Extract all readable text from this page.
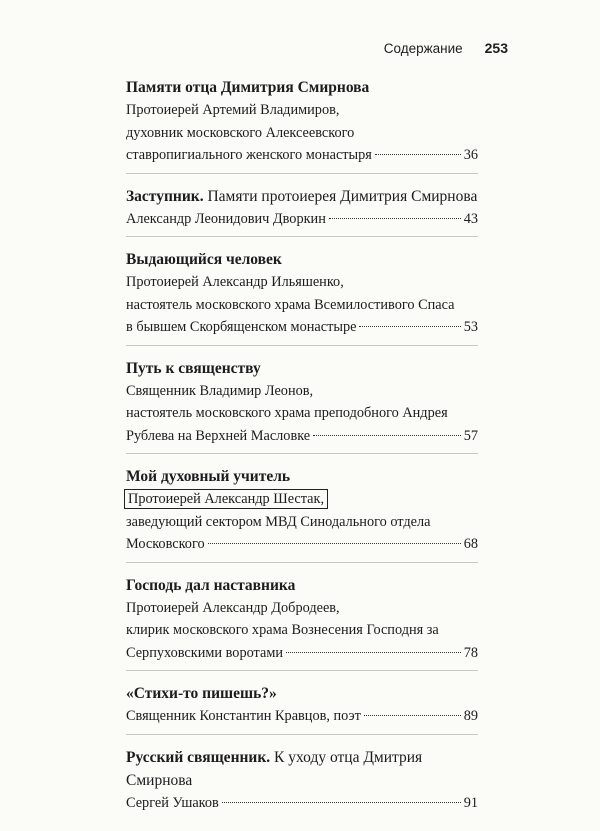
Содержание 253
Памяти отца Димитрия Смирнова
Протоиерей Артемий Владимиров,
духовник московского Алексеевского
ставропигиального женского монастыря	36
Заступник. Памяти протоиерея Димитрия Смирнова
Александр Леонидович Дворкин	43
Выдающийся человек
Протоиерей Александр Ильяшенко,
настоятель московского храма Всемилостивого Спаса
в бывшем Скорбященском монастыре	53
Путь к священству
Священник Владимир Леонов,
настоятель московского храма преподобного Андрея
Рублева на Верхней Масловке	57
Мой духовный учитель
Протоиерей Александр Шестак,
заведующий сектором МВД Синодального отдела
Московского	68
Господь дал наставника
Протоиерей Александр Добродеев,
клирик московского храма Вознесения Господня за
Серпуховскими воротами	78
«Стихи-то пишешь?»
Священник Константин Кравцов, поэт	89
Русский священник. К уходу отца Дмитрия Смирнова
Сергей Ушаков	91
